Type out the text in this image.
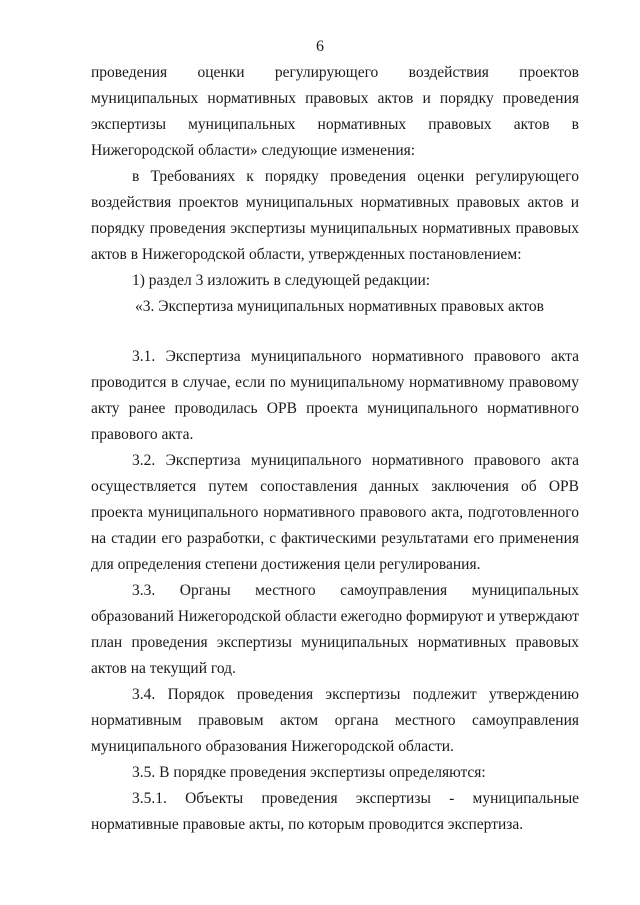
6

проведения оценки регулирующего воздействия проектов муниципальных нормативных правовых актов и порядку проведения экспертизы муниципальных нормативных правовых актов в Нижегородской области» следующие изменения:

в Требованиях к порядку проведения оценки регулирующего воздействия проектов муниципальных нормативных правовых актов и порядку проведения экспертизы муниципальных нормативных правовых актов в Нижегородской области, утвержденных постановлением:

1) раздел 3 изложить в следующей редакции:

«3. Экспертиза муниципальных нормативных правовых актов

3.1. Экспертиза муниципального нормативного правового акта проводится в случае, если по муниципальному нормативному правовому акту ранее проводилась ОРВ проекта муниципального нормативного правового акта.

3.2. Экспертиза муниципального нормативного правового акта осуществляется путем сопоставления данных заключения об ОРВ проекта муниципального нормативного правового акта, подготовленного на стадии его разработки, с фактическими результатами его применения для определения степени достижения цели регулирования.

3.3. Органы местного самоуправления муниципальных образований Нижегородской области ежегодно формируют и утверждают план проведения экспертизы муниципальных нормативных правовых актов на текущий год.

3.4. Порядок проведения экспертизы подлежит утверждению нормативным правовым актом органа местного самоуправления муниципального образования Нижегородской области.

3.5. В порядке проведения экспертизы определяются:

3.5.1. Объекты проведения экспертизы - муниципальные нормативные правовые акты, по которым проводится экспертиза.
